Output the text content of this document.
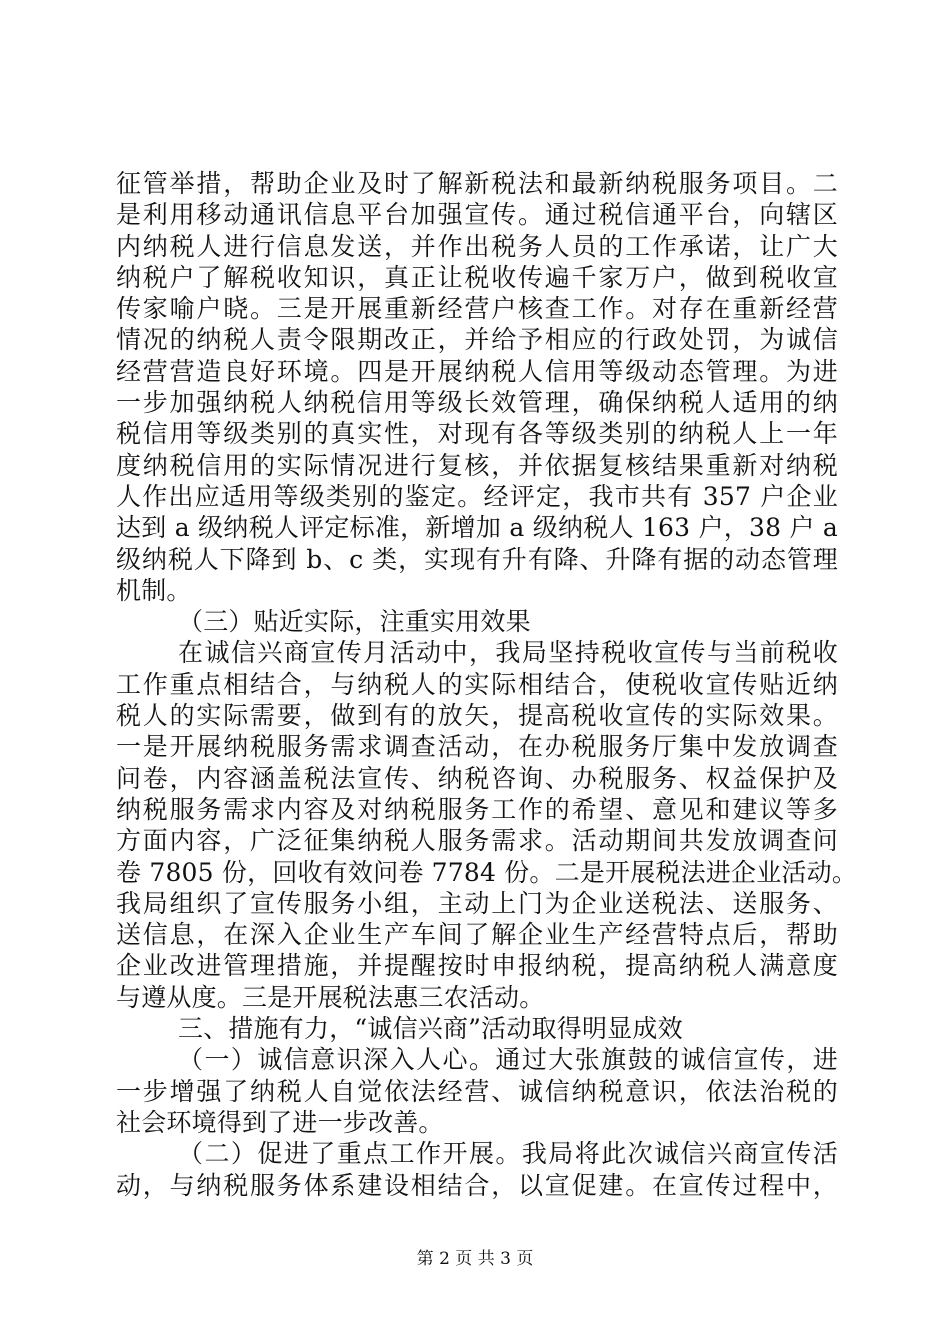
征管举措，帮助企业及时了解新税法和最新纳税服务项目。二
是利用移动通讯信息平台加强宣传。通过税信通平台，向辖区
内纳税人进行信息发送，并作出税务人员的工作承诺，让广大
纳税户了解税收知识，真正让税收传遍千家万户，做到税收宣
传家喻户晓。三是开展重新经营户核查工作。对存在重新经营
情况的纳税人责令限期改正，并给予相应的行政处罚，为诚信
经营营造良好环境。四是开展纳税人信用等级动态管理。为进
一步加强纳税人纳税信用等级长效管理，确保纳税人适用的纳
税信用等级类别的真实性，对现有各等级类别的纳税人上一年
度纳税信用的实际情况进行复核，并依据复核结果重新对纳税
人作出应适用等级类别的鉴定。经评定，我市共有 357 户企业
达到 a 级纳税人评定标准，新增加 a 级纳税人 163 户，38 户 a
级纳税人下降到 b、c 类，实现有升有降、升降有据的动态管理
机制。
（三）贴近实际，注重实用效果
在诚信兴商宣传月活动中，我局坚持税收宣传与当前税收
工作重点相结合，与纳税人的实际相结合，使税收宣传贴近纳
税人的实际需要，做到有的放矢，提高税收宣传的实际效果。
一是开展纳税服务需求调查活动，在办税服务厅集中发放调查
问卷，内容涵盖税法宣传、纳税咨询、办税服务、权益保护及
纳税服务需求内容及对纳税服务工作的希望、意见和建议等多
方面内容，广泛征集纳税人服务需求。活动期间共发放调查问
卷 7805 份，回收有效问卷 7784 份。二是开展税法进企业活动。
我局组织了宣传服务小组，主动上门为企业送税法、送服务、
送信息，在深入企业生产车间了解企业生产经营特点后，帮助
企业改进管理措施，并提醒按时申报纳税，提高纳税人满意度
与遵从度。三是开展税法惠三农活动。
三、措施有力，“诚信兴商”活动取得明显成效
（一）诚信意识深入人心。通过大张旗鼓的诚信宣传，进
一步增强了纳税人自觉依法经营、诚信纳税意识，依法治税的
社会环境得到了进一步改善。
（二）促进了重点工作开展。我局将此次诚信兴商宣传活
动，与纳税服务体系建设相结合，以宣促建。在宣传过程中，
第 2 页 共 3 页
